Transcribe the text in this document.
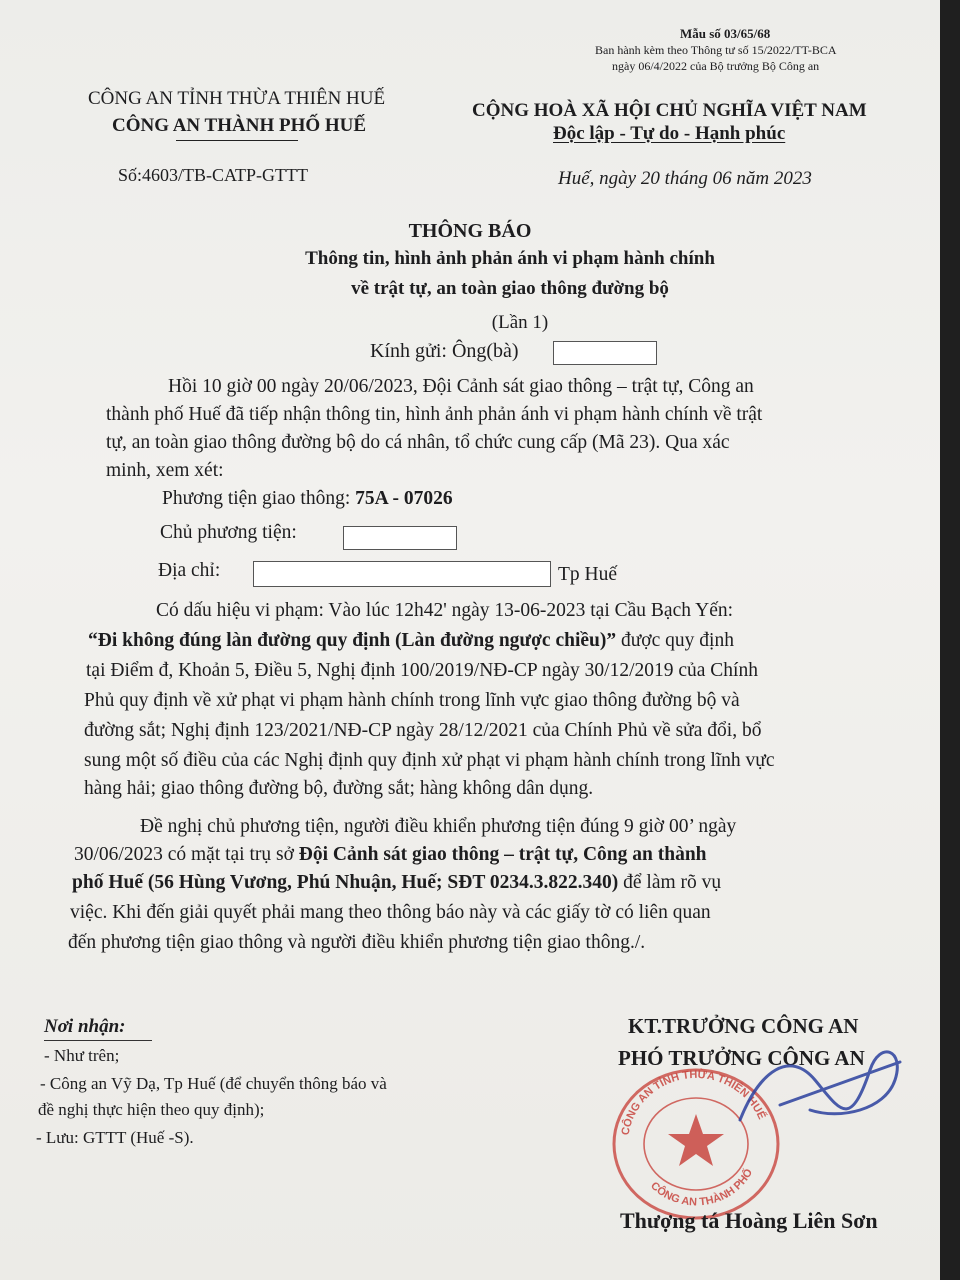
Mẫu số 03/65/68
Ban hành kèm theo Thông tư số 15/2022/TT-BCA
ngày 06/4/2022 của Bộ trưởng Bộ Công an
CÔNG AN TỈNH THỪA THIÊN HUẾ
CÔNG AN THÀNH PHỐ HUẾ
CỘNG HOÀ XÃ HỘI CHỦ NGHĨA VIỆT NAM
Độc lập - Tự do - Hạnh phúc
Số:4603/TB-CATP-GTTT	Huế, ngày 20 tháng 06 năm 2023
THÔNG BÁO
Thông tin, hình ảnh phản ánh vi phạm hành chính
về trật tự, an toàn giao thông đường bộ
(Lần 1)
Kính gửi: Ông(bà)
Hồi 10 giờ 00 ngày 20/06/2023, Đội Cảnh sát giao thông – trật tự, Công an
thành phố Huế đã tiếp nhận thông tin, hình ảnh phản ánh vi phạm hành chính về trật
tự, an toàn giao thông đường bộ do cá nhân, tổ chức cung cấp (Mã 23). Qua xác
minh, xem xét:
Phương tiện giao thông: 75A - 07026
Chủ phương tiện:
Địa chỉ:	Tp Huế
Có dấu hiệu vi phạm: Vào lúc 12h42' ngày 13-06-2023 tại Cầu Bạch Yến:
“Đi không đúng làn đường quy định (Làn đường ngược chiều)” được quy định
tại Điểm đ, Khoản 5, Điều 5, Nghị định 100/2019/NĐ-CP ngày 30/12/2019 của Chính
Phủ quy định về xử phạt vi phạm hành chính trong lĩnh vực giao thông đường bộ và
đường sắt; Nghị định 123/2021/NĐ-CP ngày 28/12/2021 của Chính Phủ về sửa đổi, bổ
sung một số điều của các Nghị định quy định xử phạt vi phạm hành chính trong lĩnh vực
hàng hải; giao thông đường bộ, đường sắt; hàng không dân dụng.
Đề nghị chủ phương tiện, người điều khiển phương tiện đúng 9 giờ 00’ ngày
30/06/2023 có mặt tại trụ sở Đội Cảnh sát giao thông – trật tự, Công an thành
phố Huế (56 Hùng Vương, Phú Nhuận, Huế; SĐT 0234.3.822.340) để làm rõ vụ
việc. Khi đến giải quyết phải mang theo thông báo này và các giấy tờ có liên quan
đến phương tiện giao thông và người điều khiển phương tiện giao thông./.
Nơi nhận:
- Như trên;
- Công an Vỹ Dạ, Tp Huế (để chuyển thông báo và
đề nghị thực hiện theo quy định);
- Lưu: GTTT (Huế -S).
KT.TRƯỞNG CÔNG AN
PHÓ TRƯỞNG CÔNG AN
CÔNG AN TỈNH THỪA THIÊN HUẾ
CÔNG AN THÀNH PHỐ
Thượng tá Hoàng Liên Sơn
